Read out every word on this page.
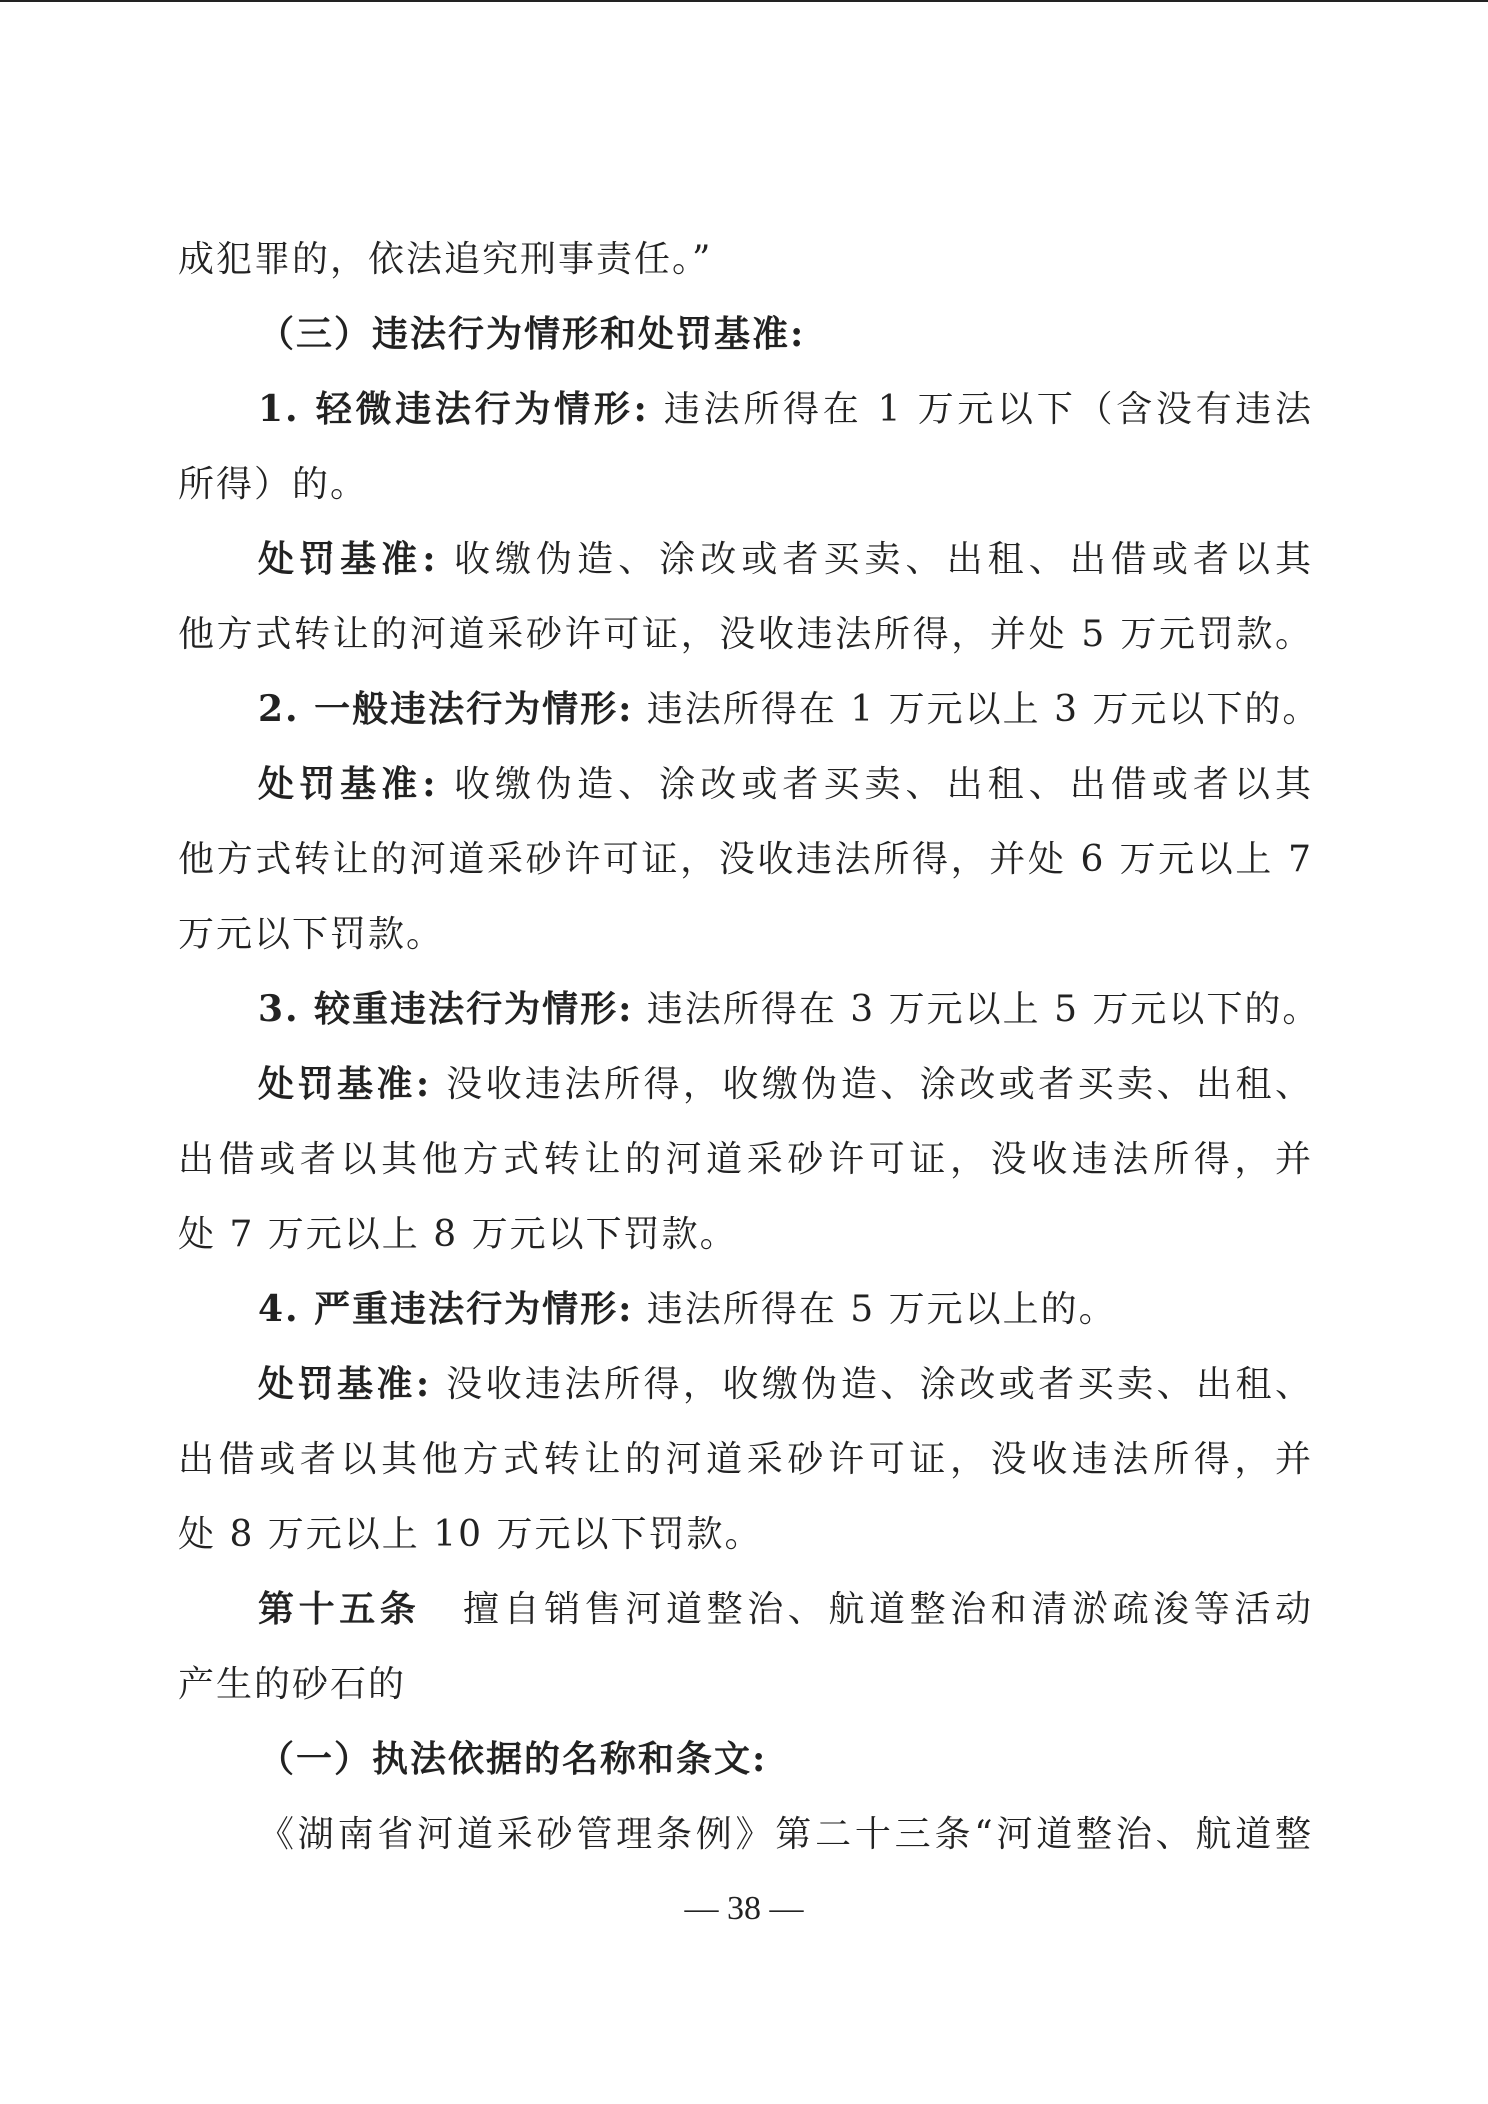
成犯罪的，依法追究刑事责任。”
（三）违法行为情形和处罚基准:
1. 轻微违法行为情形: 违法所得在 1 万元以下（含没有违法
所得）的。
处罚基准: 收缴伪造、涂改或者买卖、出租、出借或者以其
他方式转让的河道采砂许可证，没收违法所得，并处 5 万元罚款。
2. 一般违法行为情形: 违法所得在 1 万元以上 3 万元以下的。
处罚基准: 收缴伪造、涂改或者买卖、出租、出借或者以其
他方式转让的河道采砂许可证，没收违法所得，并处 6 万元以上 7
万元以下罚款。
3. 较重违法行为情形: 违法所得在 3 万元以上 5 万元以下的。
处罚基准: 没收违法所得，收缴伪造、涂改或者买卖、出租、
出借或者以其他方式转让的河道采砂许可证，没收违法所得，并
处 7 万元以上 8 万元以下罚款。
4. 严重违法行为情形: 违法所得在 5 万元以上的。
处罚基准: 没收违法所得，收缴伪造、涂改或者买卖、出租、
出借或者以其他方式转让的河道采砂许可证，没收违法所得，并
处 8 万元以上 10 万元以下罚款。
第十五条 擅自销售河道整治、航道整治和清淤疏浚等活动
产生的砂石的
（一）执法依据的名称和条文:
《湖南省河道采砂管理条例》第二十三条“河道整治、航道整
— 38 —
